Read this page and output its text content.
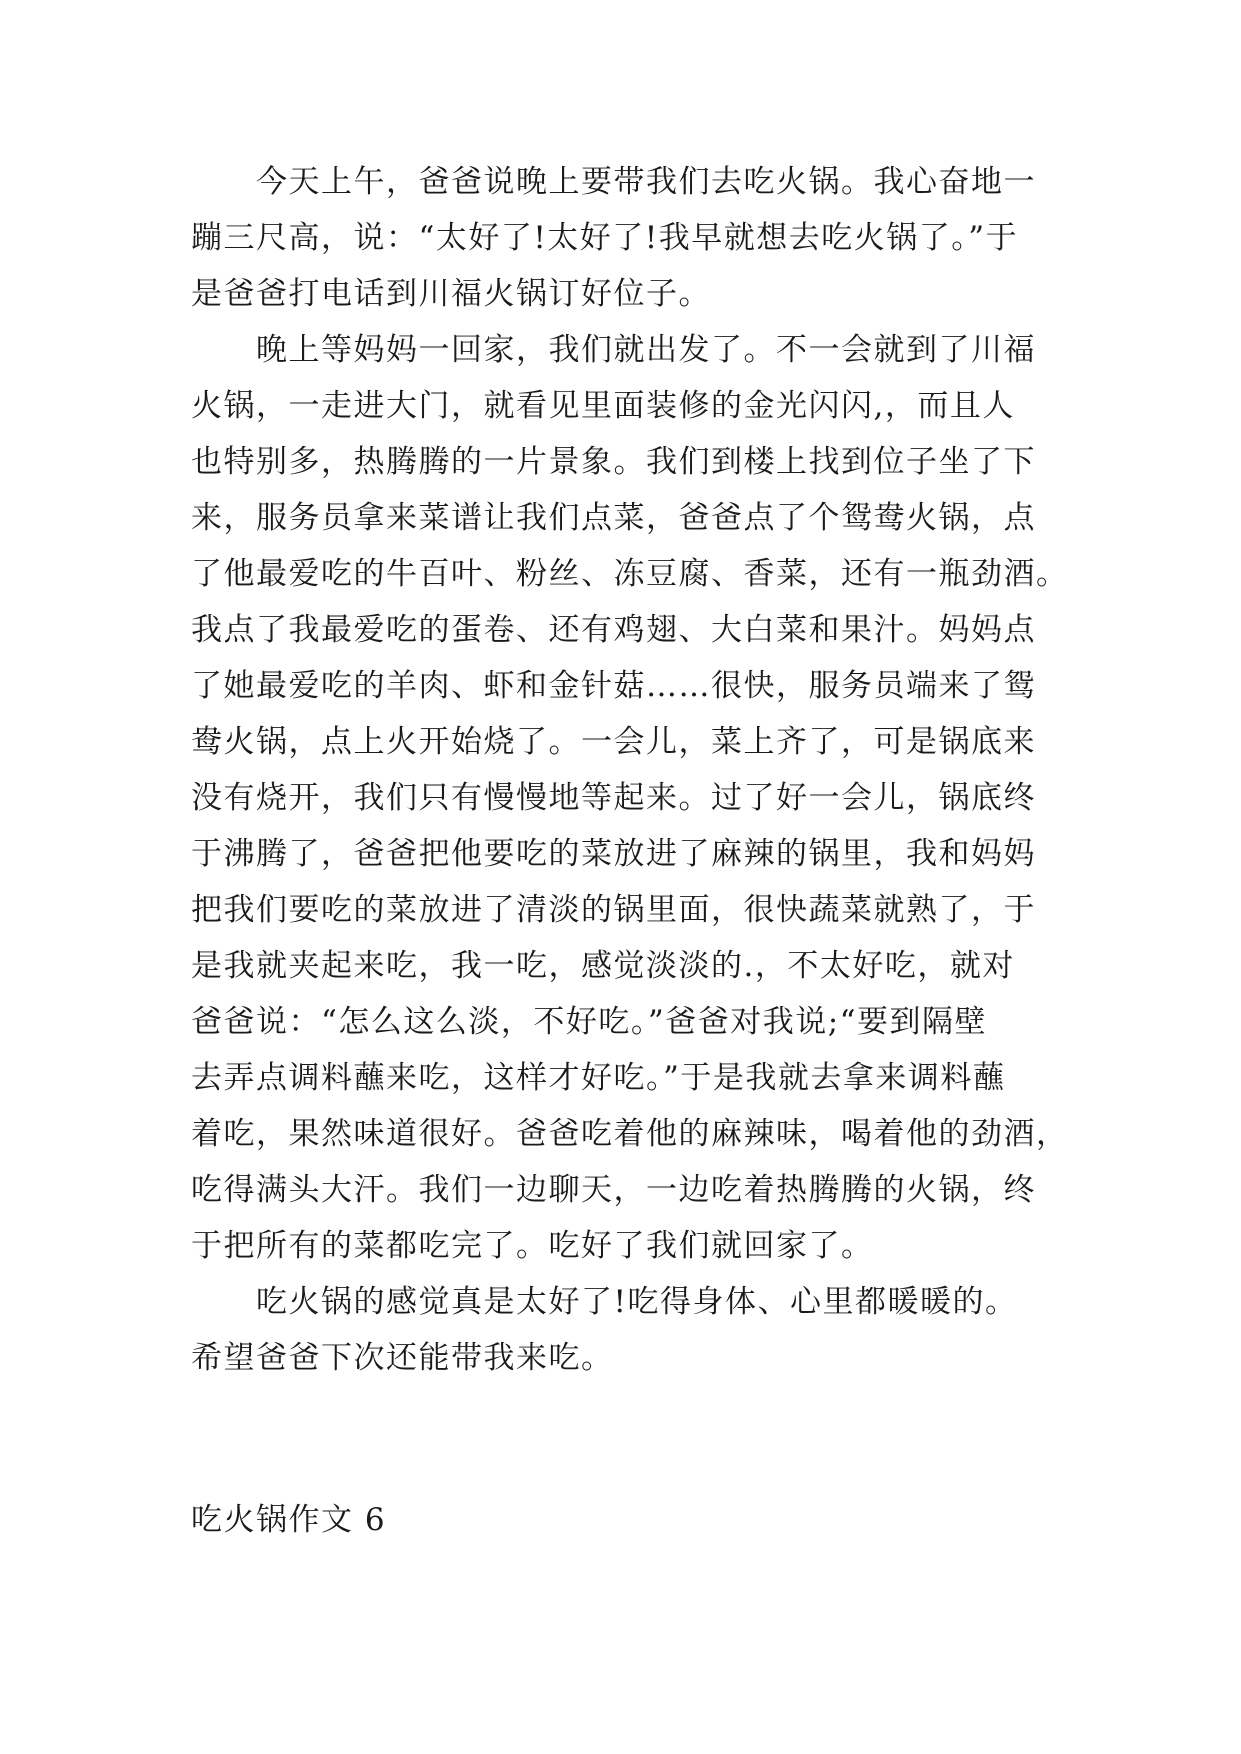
　　今天上午，爸爸说晚上要带我们去吃火锅。我心奋地一
蹦三尺高，说：“太好了!太好了!我早就想去吃火锅了。”于
是爸爸打电话到川福火锅订好位子。
　　晚上等妈妈一回家，我们就出发了。不一会就到了川福
火锅，一走进大门，就看见里面装修的金光闪闪,，而且人
也特别多，热腾腾的一片景象。我们到楼上找到位子坐了下
来，服务员拿来菜谱让我们点菜，爸爸点了个鸳鸯火锅，点
了他最爱吃的牛百叶、粉丝、冻豆腐、香菜，还有一瓶劲酒。
我点了我最爱吃的蛋卷、还有鸡翅、大白菜和果汁。妈妈点
了她最爱吃的羊肉、虾和金针菇……很快，服务员端来了鸳
鸯火锅，点上火开始烧了。一会儿，菜上齐了，可是锅底来
没有烧开，我们只有慢慢地等起来。过了好一会儿，锅底终
于沸腾了，爸爸把他要吃的菜放进了麻辣的锅里，我和妈妈
把我们要吃的菜放进了清淡的锅里面，很快蔬菜就熟了，于
是我就夹起来吃，我一吃，感觉淡淡的.，不太好吃，就对
爸爸说：“怎么这么淡，不好吃。”爸爸对我说;“要到隔壁
去弄点调料蘸来吃，这样才好吃。”于是我就去拿来调料蘸
着吃，果然味道很好。爸爸吃着他的麻辣味，喝着他的劲酒，
吃得满头大汗。我们一边聊天，一边吃着热腾腾的火锅，终
于把所有的菜都吃完了。吃好了我们就回家了。
　　吃火锅的感觉真是太好了!吃得身体、心里都暖暖的。
希望爸爸下次还能带我来吃。
吃火锅作文 6
